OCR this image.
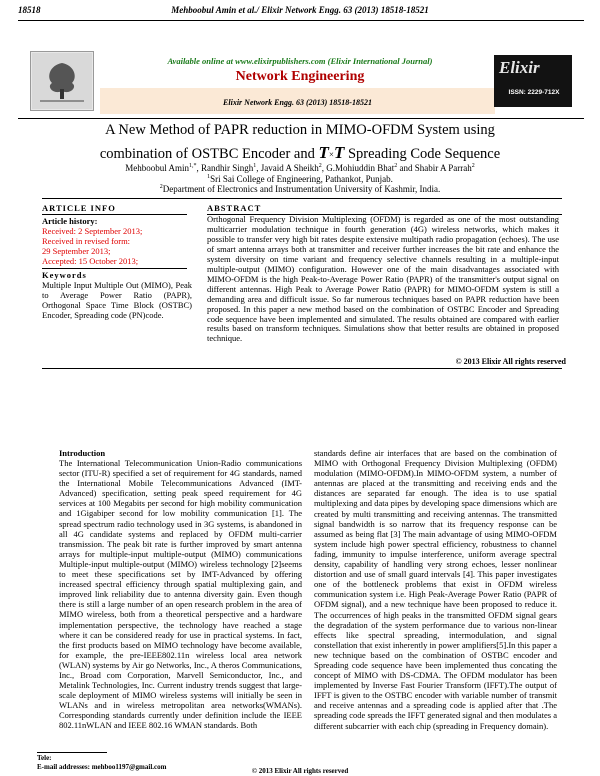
18518	Mehboobul Amin et al./ Elixir Network Engg. 63 (2013) 18518-18521
Available online at www.elixirpublishers.com (Elixir International Journal)
Network Engineering
Elixir Network Engg. 63 (2013) 18518-18521
Elixir
ISSN: 2229-712X
A New Method of PAPR reduction in MIMO-OFDM System using
combination of OSTBC Encoder and T×T Spreading Code Sequence
Mehboobul Amin$^{1,*}$, Randhir Singh$^1$, Javaid A Sheikh$^2$, G.Mohiuddin Bhat$^2$ and Shabir A Parrah$^2$
$^1$Sri Sai College of Engineering, Pathankot, Punjab.
$^2$Department of Electronics and Instrumentation University of Kashmir, India.
ARTICLE INFO
Article history:
Received: 2 September 2013;
Received in revised form:
29 September 2013;
Accepted: 15 October 2013;
Keywords
Multiple Input Multiple Out (MIMO), Peak to Average Power Ratio (PAPR), Orthogonal Space Time Block (OSTBC) Encoder, Spreading code (PN)code.
ABSTRACT
Orthogonal Frequency Division Multiplexing (OFDM) is regarded as one of the most outstanding multicarrier modulation technique in fourth generation (4G) wireless networks, which makes it possible to transfer very high bit rates despite extensive multipath radio propagation (echoes). The use of smart antenna arrays both at transmitter and receiver further increases the bit rate and enhance the system diversity on time variant and frequency selective channels resulting in a multiple-input multiple-output (MIMO) configuration. However one of the main disadvantages associated with MIMO-OFDM is the high Peak-to-Average Power Ratio (PAPR) of the transmitter's output signal on different antennas. High Peak to Average Power Ratio (PAPR) for MIMO-OFDM system is still a demanding area and difficult issue. So far numerous techniques based on PAPR reduction have been proposed. In this paper a new method based on the combination of OSTBC Encoder and Spreading code sequence have been implemented and simulated. The results obtained are compared with earlier results based on transform techniques. Simulations show that better results are obtained in proposed technique.
© 2013 Elixir All rights reserved
Introduction
The International Telecommunication Union-Radio communications sector (ITU-R) specified a set of requirement for 4G standards, named the International Mobile Telecommunications Advanced (IMT-Advanced) specification, setting peak speed requirement for 4G services at 100 Megabits per second for high mobility communication and 1Gigabiper second for low mobility communication [1]. The spread spectrum radio technology used in 3G systems, is abandoned in all 4G candidate systems and replaced by OFDM multi-carrier transmission. The peak bit rate is further improved by smart antenna arrays for multiple-input multiple-output (MIMO) communications Multiple-input multiple-output (MIMO) wireless technology [2]seems to meet these specifications set by IMT-Advanced by offering increased spectral efficiency through spatial multiplexing gain, and improved link reliability due to antenna diversity gain. Even though there is still a large number of an open research problem in the area of MIMO wireless, both from a theoretical perspective and a hardware implementation perspective, the technology have reached a stage where it can be considered ready for use in practical systems. In fact, the first products based on MIMO technology have become available, for example, the pre-IEEE802.11n wireless local area network (WLAN) systems by Air go Networks, Inc., A theros Communications, Inc., Broad com Corporation, Marvell Semiconductor, Inc., and Metalink Technologies, Inc. Current industry trends suggest that large-scale deployment of MIMO wireless systems will initially be seen in WLANs and in wireless metropolitan area networks(WMANs). Corresponding standards currently under definition include the IEEE 802.11nWLAN and IEEE 802.16 WMAN standards. Both
standards define air interfaces that are based on the combination of MIMO with Orthogonal Frequency Division Multiplexing (OFDM) modulation (MIMO-OFDM).In MIMO-OFDM system, a number of antennas are placed at the transmitting and receiving ends and the distances are separated far enough. The idea is to use spatial multiplexing and data pipes by developing space dimensions which are created by multi transmitting and receiving antennas. The transmitted signal bandwidth is so narrow that its frequency response can be assumed as being flat [3] The main advantage of using MIMO-OFDM system include high power spectral efficiency, robustness to channel fading, immunity to impulse interference, uniform average spectral density, capability of handling very strong echoes, lesser nonlinear distortion and use of small guard intervals [4]. This paper investigates one of the bottleneck problems that exist in OFDM wireless communication system i.e. High Peak-Average Power Ratio (PAPR of OFDM signal), and a new technique have been proposed to reduce it. The occurrences of high peaks in the transmitted OFDM signal gears the degradation of the system performance due to various non-linear effects like spectral spreading, intermodulation, and signal constellation that exist inherently in power amplifiers[5].In this paper a new technique based on the combination of OSTBC encoder and Spreading code sequence have been implemented thus concating the concept of MIMO with DS-CDMA. The OFDM modulator has been implemented by Inverse Fast Fourier Transform (IFFT).The output of IFFT is given to the OSTBC encoder with variable number of transmit and receive antennas and a spreading code is applied after that .The spreading code spreads the IFFT generated signal and then modulates a different subcarrier with each chip (spreading in Frequency domain).
Tele:
E-mail addresses: mehboo1197@gmail.com	© 2013 Elixir All rights reserved
